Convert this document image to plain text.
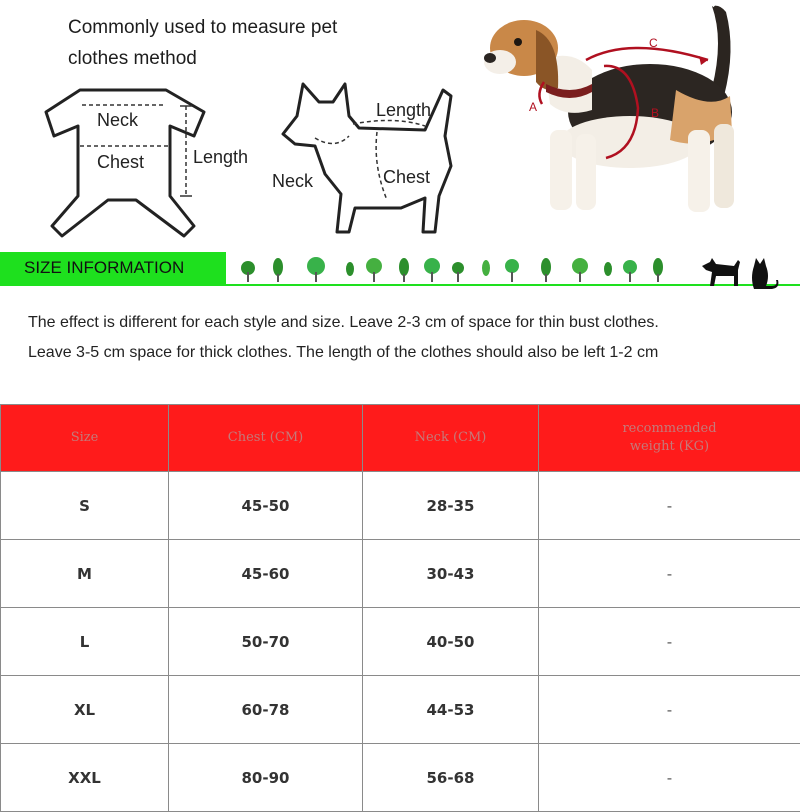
Commonly used to measure pet clothes method
Neck
Chest	Length
Length
Neck	Chest
A	B
C
SIZE INFORMATION
The effect is different for each style and size. Leave 2-3 cm of space for thin bust clothes.
Leave 3-5 cm space for thick clothes. The length of the clothes should also be left 1-2 cm
Size	Chest (CM)	Neck (CM)	recommended weight (KG)
S	45-50	28-35	-
M	45-60	30-43	-
L	50-70	40-50	-
XL	60-78	44-53	-
XXL	80-90	56-68	-
